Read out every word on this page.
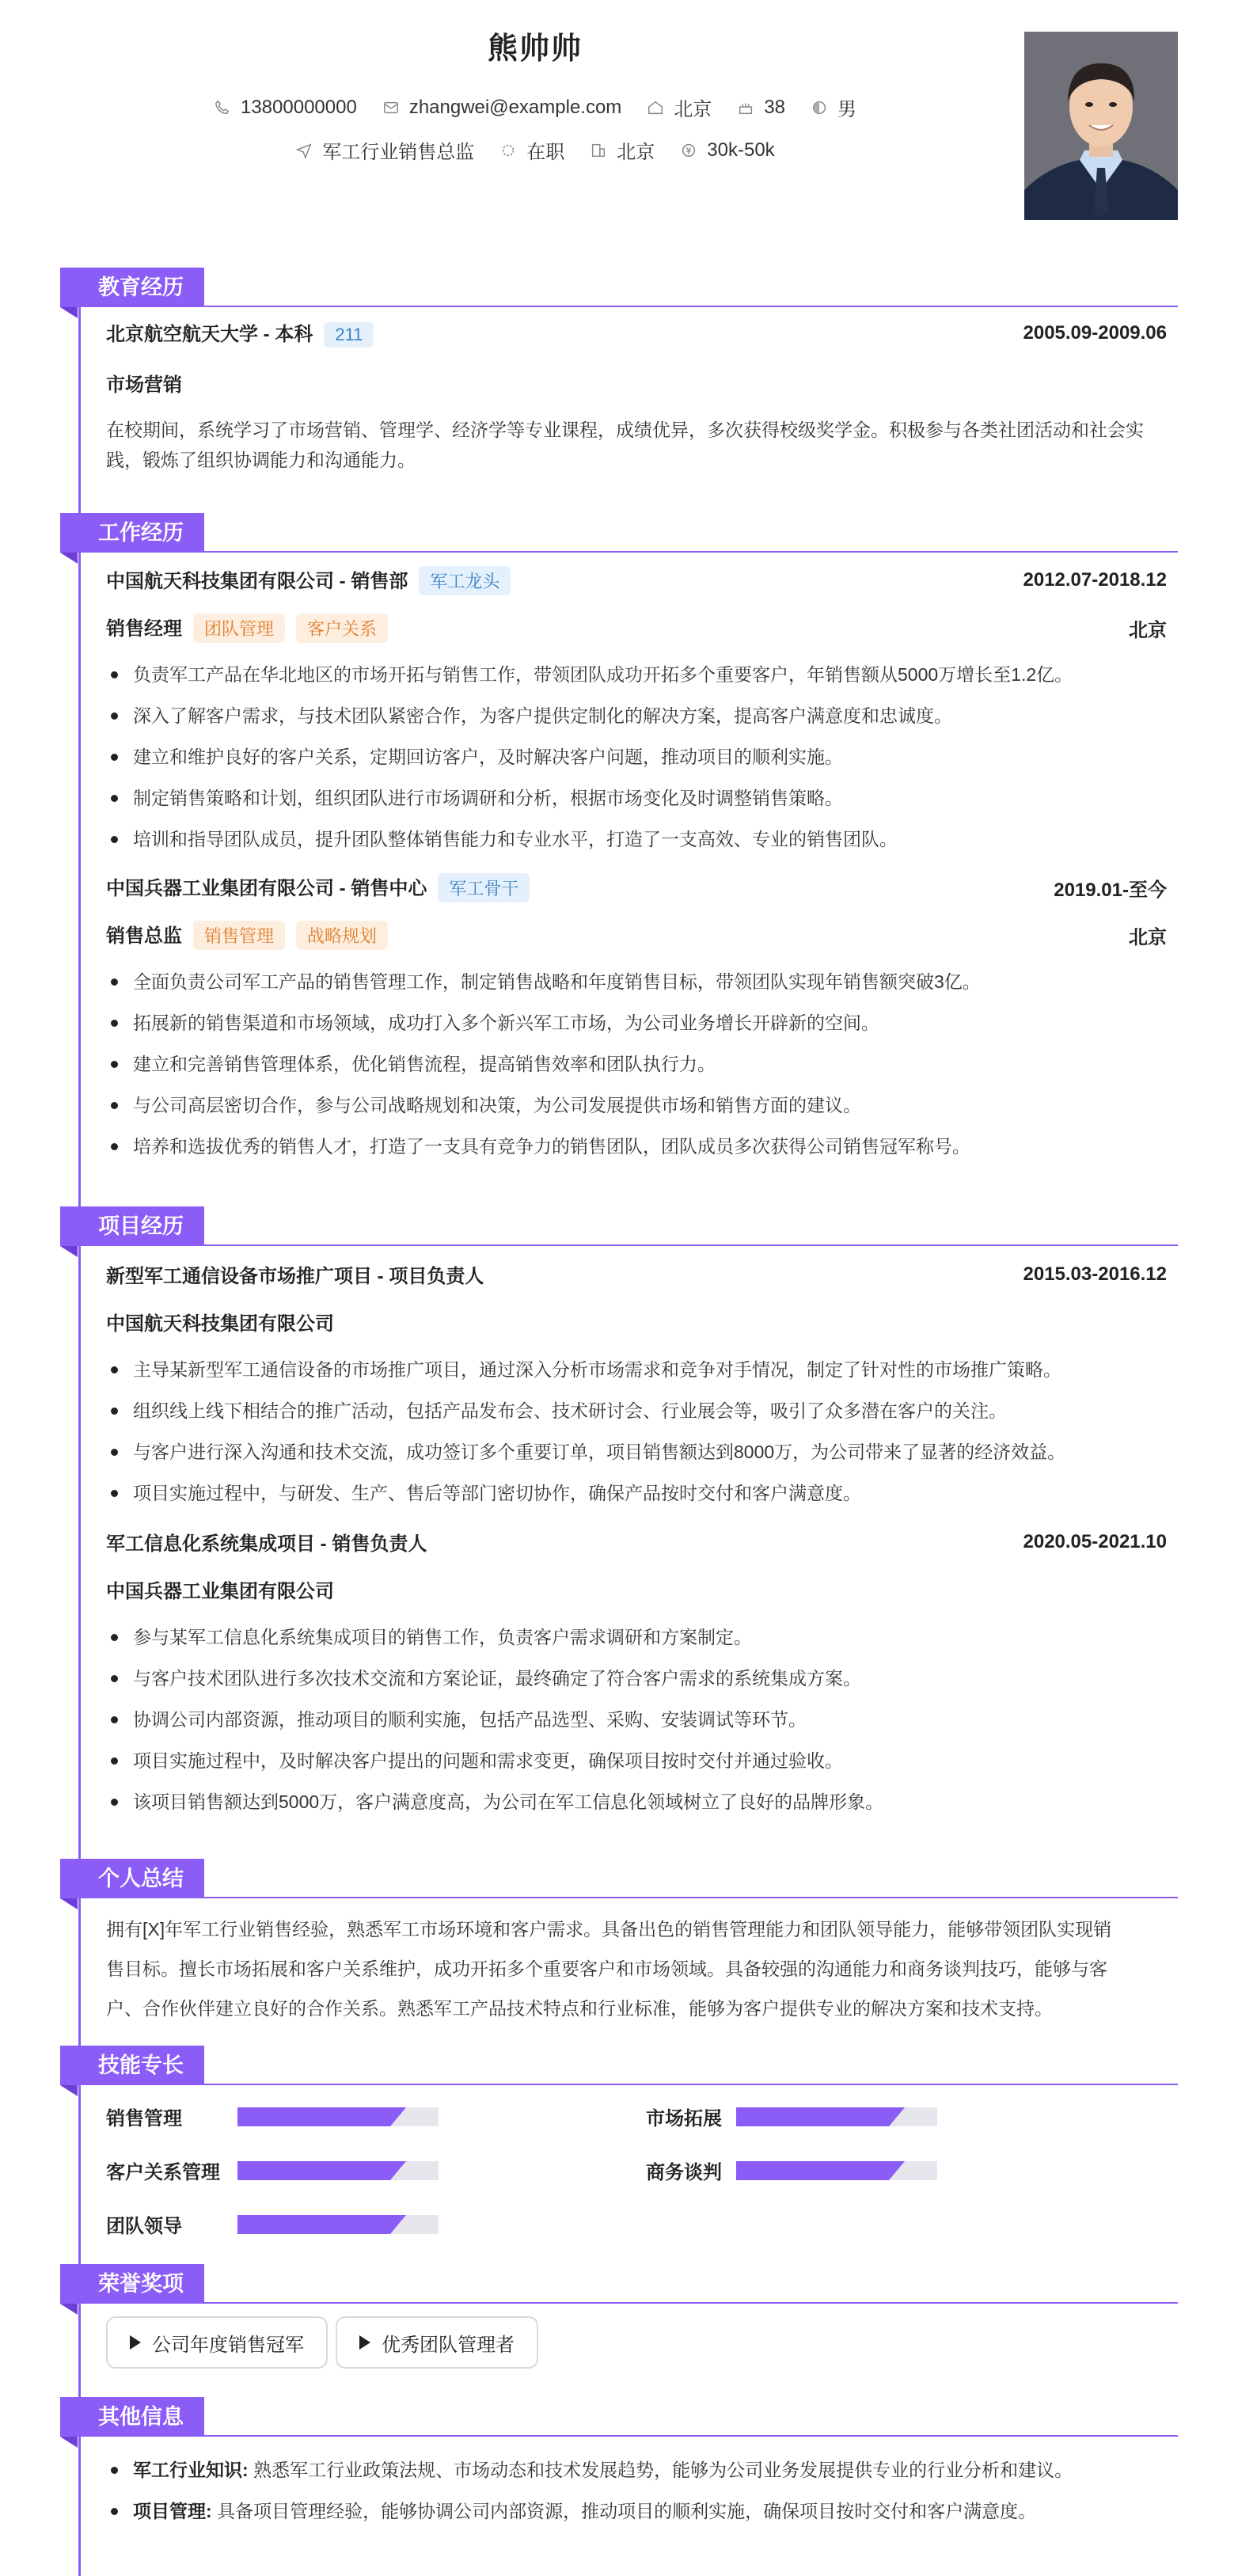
熊帅帅
13800000000	zhangwei@example.com	北京	38	男
军工行业销售总监	在职	北京	30k-50k
教育经历
北京航空航天大学 - 本科 211	2005.09-2009.06
市场营销
在校期间，系统学习了市场营销、管理学、经济学等专业课程，成绩优异，多次获得校级奖学金。积极参与各类社团活动和社会实践，锻炼了组织协调能力和沟通能力。
工作经历
中国航天科技集团有限公司 - 销售部 军工龙头	2012.07-2018.12
销售经理 团队管理 客户关系	北京
负责军工产品在华北地区的市场开拓与销售工作，带领团队成功开拓多个重要客户，年销售额从5000万增长至1.2亿。
深入了解客户需求，与技术团队紧密合作，为客户提供定制化的解决方案，提高客户满意度和忠诚度。
建立和维护良好的客户关系，定期回访客户，及时解决客户问题，推动项目的顺利实施。
制定销售策略和计划，组织团队进行市场调研和分析，根据市场变化及时调整销售策略。
培训和指导团队成员，提升团队整体销售能力和专业水平，打造了一支高效、专业的销售团队。
中国兵器工业集团有限公司 - 销售中心 军工骨干	2019.01-至今
销售总监 销售管理 战略规划	北京
全面负责公司军工产品的销售管理工作，制定销售战略和年度销售目标，带领团队实现年销售额突破3亿。
拓展新的销售渠道和市场领域，成功打入多个新兴军工市场，为公司业务增长开辟新的空间。
建立和完善销售管理体系，优化销售流程，提高销售效率和团队执行力。
与公司高层密切合作，参与公司战略规划和决策，为公司发展提供市场和销售方面的建议。
培养和选拔优秀的销售人才，打造了一支具有竞争力的销售团队，团队成员多次获得公司销售冠军称号。
项目经历
新型军工通信设备市场推广项目 - 项目负责人	2015.03-2016.12
中国航天科技集团有限公司
主导某新型军工通信设备的市场推广项目，通过深入分析市场需求和竞争对手情况，制定了针对性的市场推广策略。
组织线上线下相结合的推广活动，包括产品发布会、技术研讨会、行业展会等，吸引了众多潜在客户的关注。
与客户进行深入沟通和技术交流，成功签订多个重要订单，项目销售额达到8000万，为公司带来了显著的经济效益。
项目实施过程中，与研发、生产、售后等部门密切协作，确保产品按时交付和客户满意度。
军工信息化系统集成项目 - 销售负责人	2020.05-2021.10
中国兵器工业集团有限公司
参与某军工信息化系统集成项目的销售工作，负责客户需求调研和方案制定。
与客户技术团队进行多次技术交流和方案论证，最终确定了符合客户需求的系统集成方案。
协调公司内部资源，推动项目的顺利实施，包括产品选型、采购、安装调试等环节。
项目实施过程中，及时解决客户提出的问题和需求变更，确保项目按时交付并通过验收。
该项目销售额达到5000万，客户满意度高，为公司在军工信息化领域树立了良好的品牌形象。
个人总结
拥有[X]年军工行业销售经验，熟悉军工市场环境和客户需求。具备出色的销售管理能力和团队领导能力，能够带领团队实现销
售目标。擅长市场拓展和客户关系维护，成功开拓多个重要客户和市场领域。具备较强的沟通能力和商务谈判技巧，能够与客
户、合作伙伴建立良好的合作关系。熟悉军工产品技术特点和行业标准，能够为客户提供专业的解决方案和技术支持。
技能专长
销售管理	市场拓展
客户关系管理	商务谈判
团队领导
荣誉奖项
公司年度销售冠军	优秀团队管理者
其他信息
军工行业知识: 熟悉军工行业政策法规、市场动态和技术发展趋势，能够为公司业务发展提供专业的行业分析和建议。
项目管理: 具备项目管理经验，能够协调公司内部资源，推动项目的顺利实施，确保项目按时交付和客户满意度。
